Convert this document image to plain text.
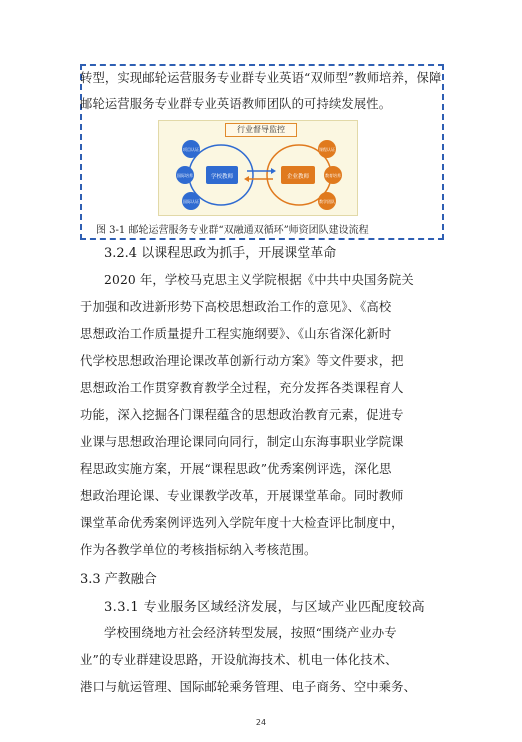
转型，实现邮轮运营服务专业群专业英语“双师型”教师培养，保障
邮轮运营服务专业群专业英语教师团队的可持续发展性。
学校教师	企业教师
项目认证
国际培养
国际认证
课程认证
教育培养
教学团队
行业督导监控
图 3-1 邮轮运营服务专业群“双融通双循环”师资团队建设流程
3.2.4 以课程思政为抓手，开展课堂革命
2020 年，学校马克思主义学院根据《中共中央国务院关
于加强和改进新形势下高校思想政治工作的意见》、《高校
思想政治工作质量提升工程实施纲要》、《山东省深化新时
代学校思想政治理论课改革创新行动方案》等文件要求，把
思想政治工作贯穿教育教学全过程，充分发挥各类课程育人
功能，深入挖掘各门课程蕴含的思想政治教育元素，促进专
业课与思想政治理论课同向同行，制定山东海事职业学院课
程思政实施方案，开展“课程思政”优秀案例评选，深化思
想政治理论课、专业课教学改革，开展课堂革命。同时教师
课堂革命优秀案例评选列入学院年度十大检查评比制度中，
作为各教学单位的考核指标纳入考核范围。
3.3 产教融合
3.3.1 专业服务区域经济发展，与区域产业匹配度较高
学校围绕地方社会经济转型发展，按照“围绕产业办专
业”的专业群建设思路，开设航海技术、机电一体化技术、
港口与航运管理、国际邮轮乘务管理、电子商务、空中乘务、
24
